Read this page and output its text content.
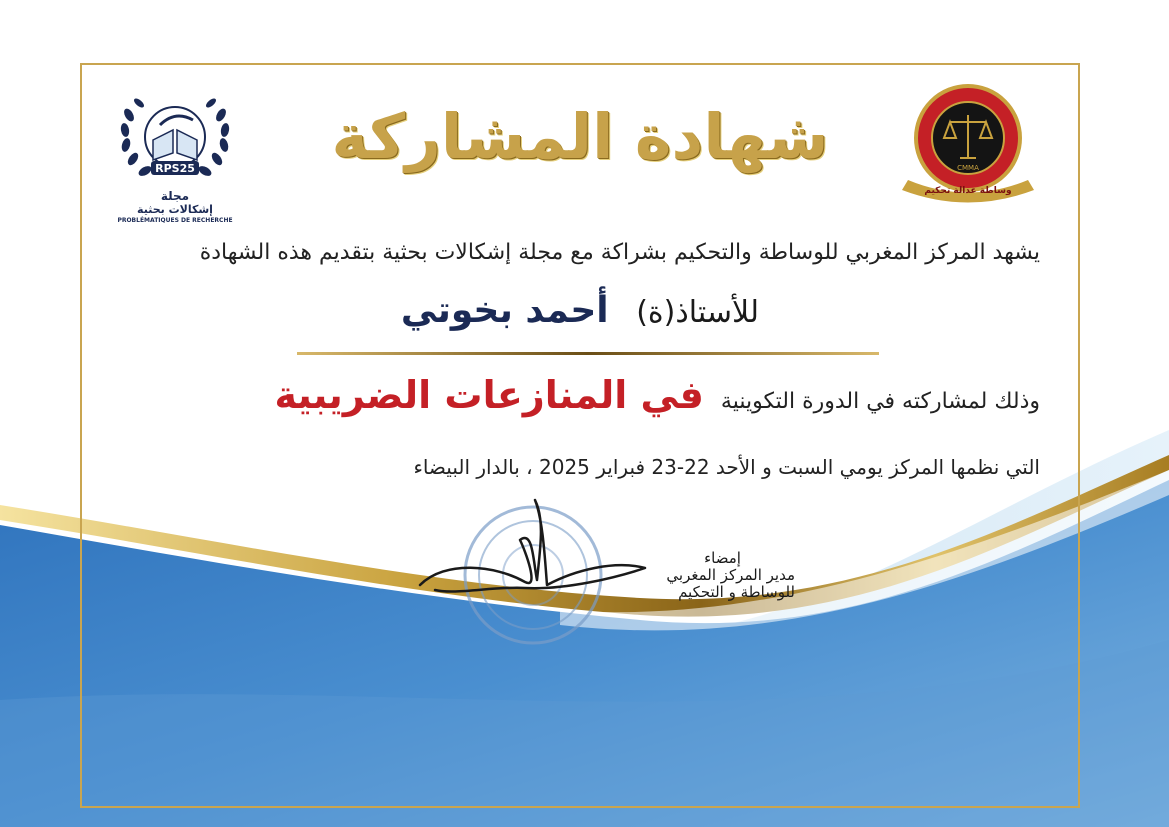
RPS25
مجلة
إشكالات بحثية
PROBLÉMATIQUES DE RECHERCHE
CMMA
وساطة عدالة تحكيم
شهادة المشاركة
يشهد المركز المغربي للوساطة والتحكيم بشراكة مع مجلة إشكالات بحثية بتقديم هذه الشهادة
للأستاذ(ة) أحمد بخوتي
وذلك لمشاركته في الدورة التكوينية في المنازعات الضريبية
التي نظمها المركز يومي السبت و الأحد 22-23 فبراير 2025 ، بالدار البيضاء
إمضاء
مدير المركز المغربي
للوساطة و التحكيم
